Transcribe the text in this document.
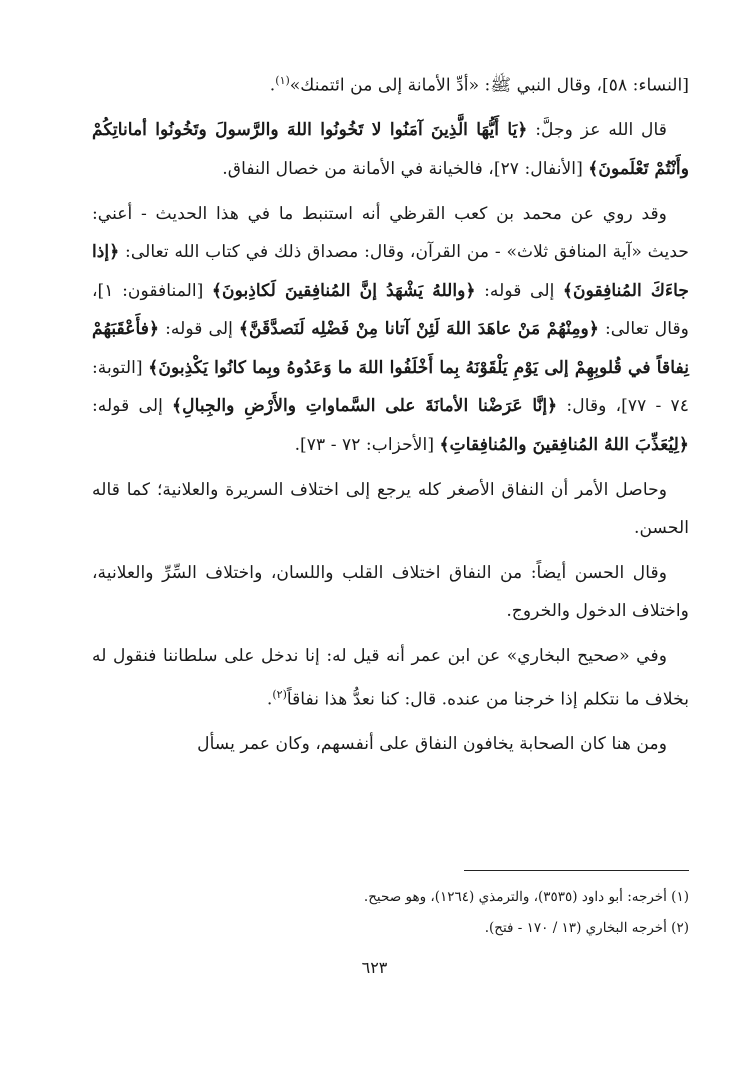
[النساء: ٥٨]، وقال النبي ﷺ: «أدِّ الأمانة إلى من ائتمنك»$^{(١)}$.

قال الله عز وجلَّ: ﴿يَا أَيُّهَا الَّذِينَ آمَنُوا لا تَخُونُوا اللهَ والرَّسولَ وتَخُونُوا أماناتِكُمْ وأَنْتُمْ تَعْلَمونَ﴾ [الأنفال: ٢٧]، فالخيانة في الأمانة من خصال النفاق.

وقد روي عن محمد بن كعب القرظي أنه استنبط ما في هذا الحديث - أعني: حديث «آية المنافق ثلاث» - من القرآن، وقال: مصداق ذلك في كتاب الله تعالى: ﴿إذا جاءَكَ المُنافِقونَ﴾ إلى قوله: ﴿واللهُ يَشْهَدُ إنَّ المُنافِقينَ لَكاذِبونَ﴾ [المنافقون: ١]، وقال تعالى: ﴿ومِنْهُمْ مَنْ عاهَدَ اللهَ لَئِنْ آتانا مِنْ فَضْلِه لَنَصدَّقَنَّ﴾ إلى قوله: ﴿فأَعْقَبَهُمْ نِفاقاً في قُلوبِهِمْ إلى يَوْمِ يَلْقَوْنَهُ بِما أَخْلَفُوا اللهَ ما وَعَدُوهُ وبِما كانُوا يَكْذِبونَ﴾ [التوبة: ٧٤ - ٧٧]، وقال: ﴿إنَّا عَرَضْنا الأمانَةَ على السَّماواتِ والأَرْضِ والجِبالِ﴾ إلى قوله: ﴿لِيُعَذِّبَ اللهُ المُنافِقينَ والمُنافِقاتِ﴾ [الأحزاب: ٧٢ - ٧٣].

وحاصل الأمر أن النفاق الأصغر كله يرجع إلى اختلاف السريرة والعلانية؛ كما قاله الحسن.

وقال الحسن أيضاً: من النفاق اختلاف القلب واللسان، واختلاف السِّرِّ والعلانية، واختلاف الدخول والخروج.

وفي «صحيح البخاري» عن ابن عمر أنه قيل له: إنا ندخل على سلطاننا فنقول له بخلاف ما نتكلم إذا خرجنا من عنده. قال: كنا نعدُّ هذا نفاقاً$^{(٢)}$.

ومن هنا كان الصحابة يخافون النفاق على أنفسهم، وكان عمر يسأل

(١) أخرجه: أبو داود (٣٥٣٥)، والترمذي (١٢٦٤)، وهو صحيح.
(٢) أخرجه البخاري (١٣ / ١٧٠ - فتح).
٦٢٣
